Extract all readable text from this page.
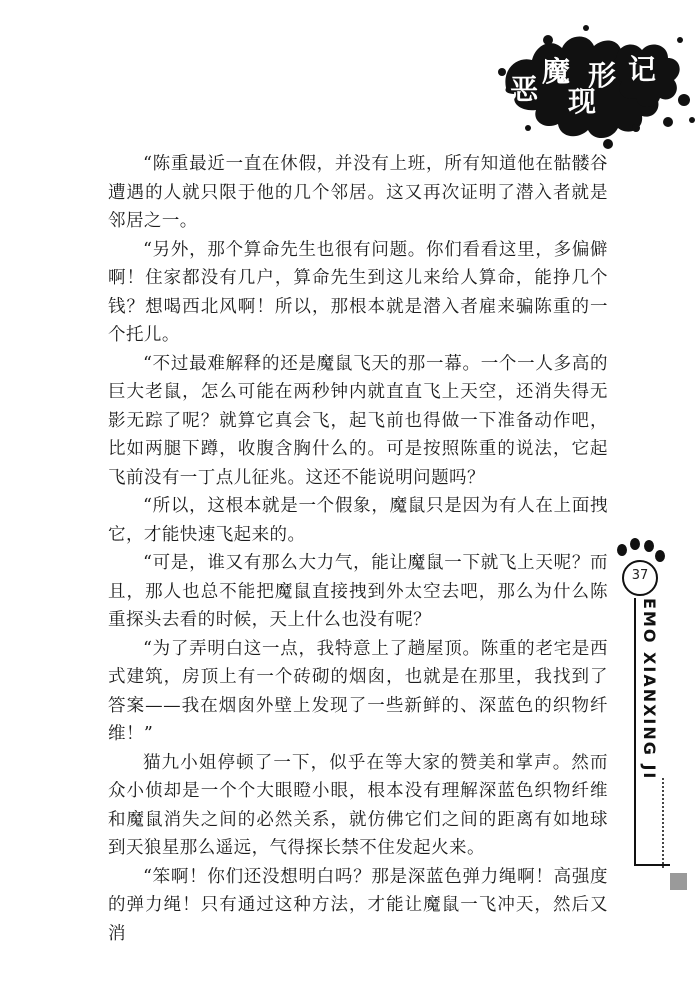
恶
魔
现
形 记

“陈重最近一直在休假，并没有上班，所有知道他在骷髅谷遭遇的人就只限于他的几个邻居。这又再次证明了潜入者就是邻居之一。

“另外，那个算命先生也很有问题。你们看看这里，多偏僻啊！住家都没有几户，算命先生到这儿来给人算命，能挣几个钱？想喝西北风啊！所以，那根本就是潜入者雇来骗陈重的一个托儿。

“不过最难解释的还是魔鼠飞天的那一幕。一个一人多高的巨大老鼠，怎么可能在两秒钟内就直直飞上天空，还消失得无影无踪了呢？就算它真会飞，起飞前也得做一下准备动作吧，比如两腿下蹲，收腹含胸什么的。可是按照陈重的说法，它起飞前没有一丁点儿征兆。这还不能说明问题吗？

“所以，这根本就是一个假象，魔鼠只是因为有人在上面拽它，才能快速飞起来的。

“可是，谁又有那么大力气，能让魔鼠一下就飞上天呢？而且，那人也总不能把魔鼠直接拽到外太空去吧，那么为什么陈重探头去看的时候，天上什么也没有呢？

“为了弄明白这一点，我特意上了趟屋顶。陈重的老宅是西式建筑，房顶上有一个砖砌的烟囱，也就是在那里，我找到了答案——我在烟囱外壁上发现了一些新鲜的、深蓝色的织物纤维！”

猫九小姐停顿了一下，似乎在等大家的赞美和掌声。然而众小侦却是一个个大眼瞪小眼，根本没有理解深蓝色织物纤维和魔鼠消失之间的必然关系，就仿佛它们之间的距离有如地球到天狼星那么遥远，气得探长禁不住发起火来。

“笨啊！你们还没想明白吗？那是深蓝色弹力绳啊！高强度的弹力绳！只有通过这种方法，才能让魔鼠一飞冲天，然后又消

37
EMO XIANXING JI
